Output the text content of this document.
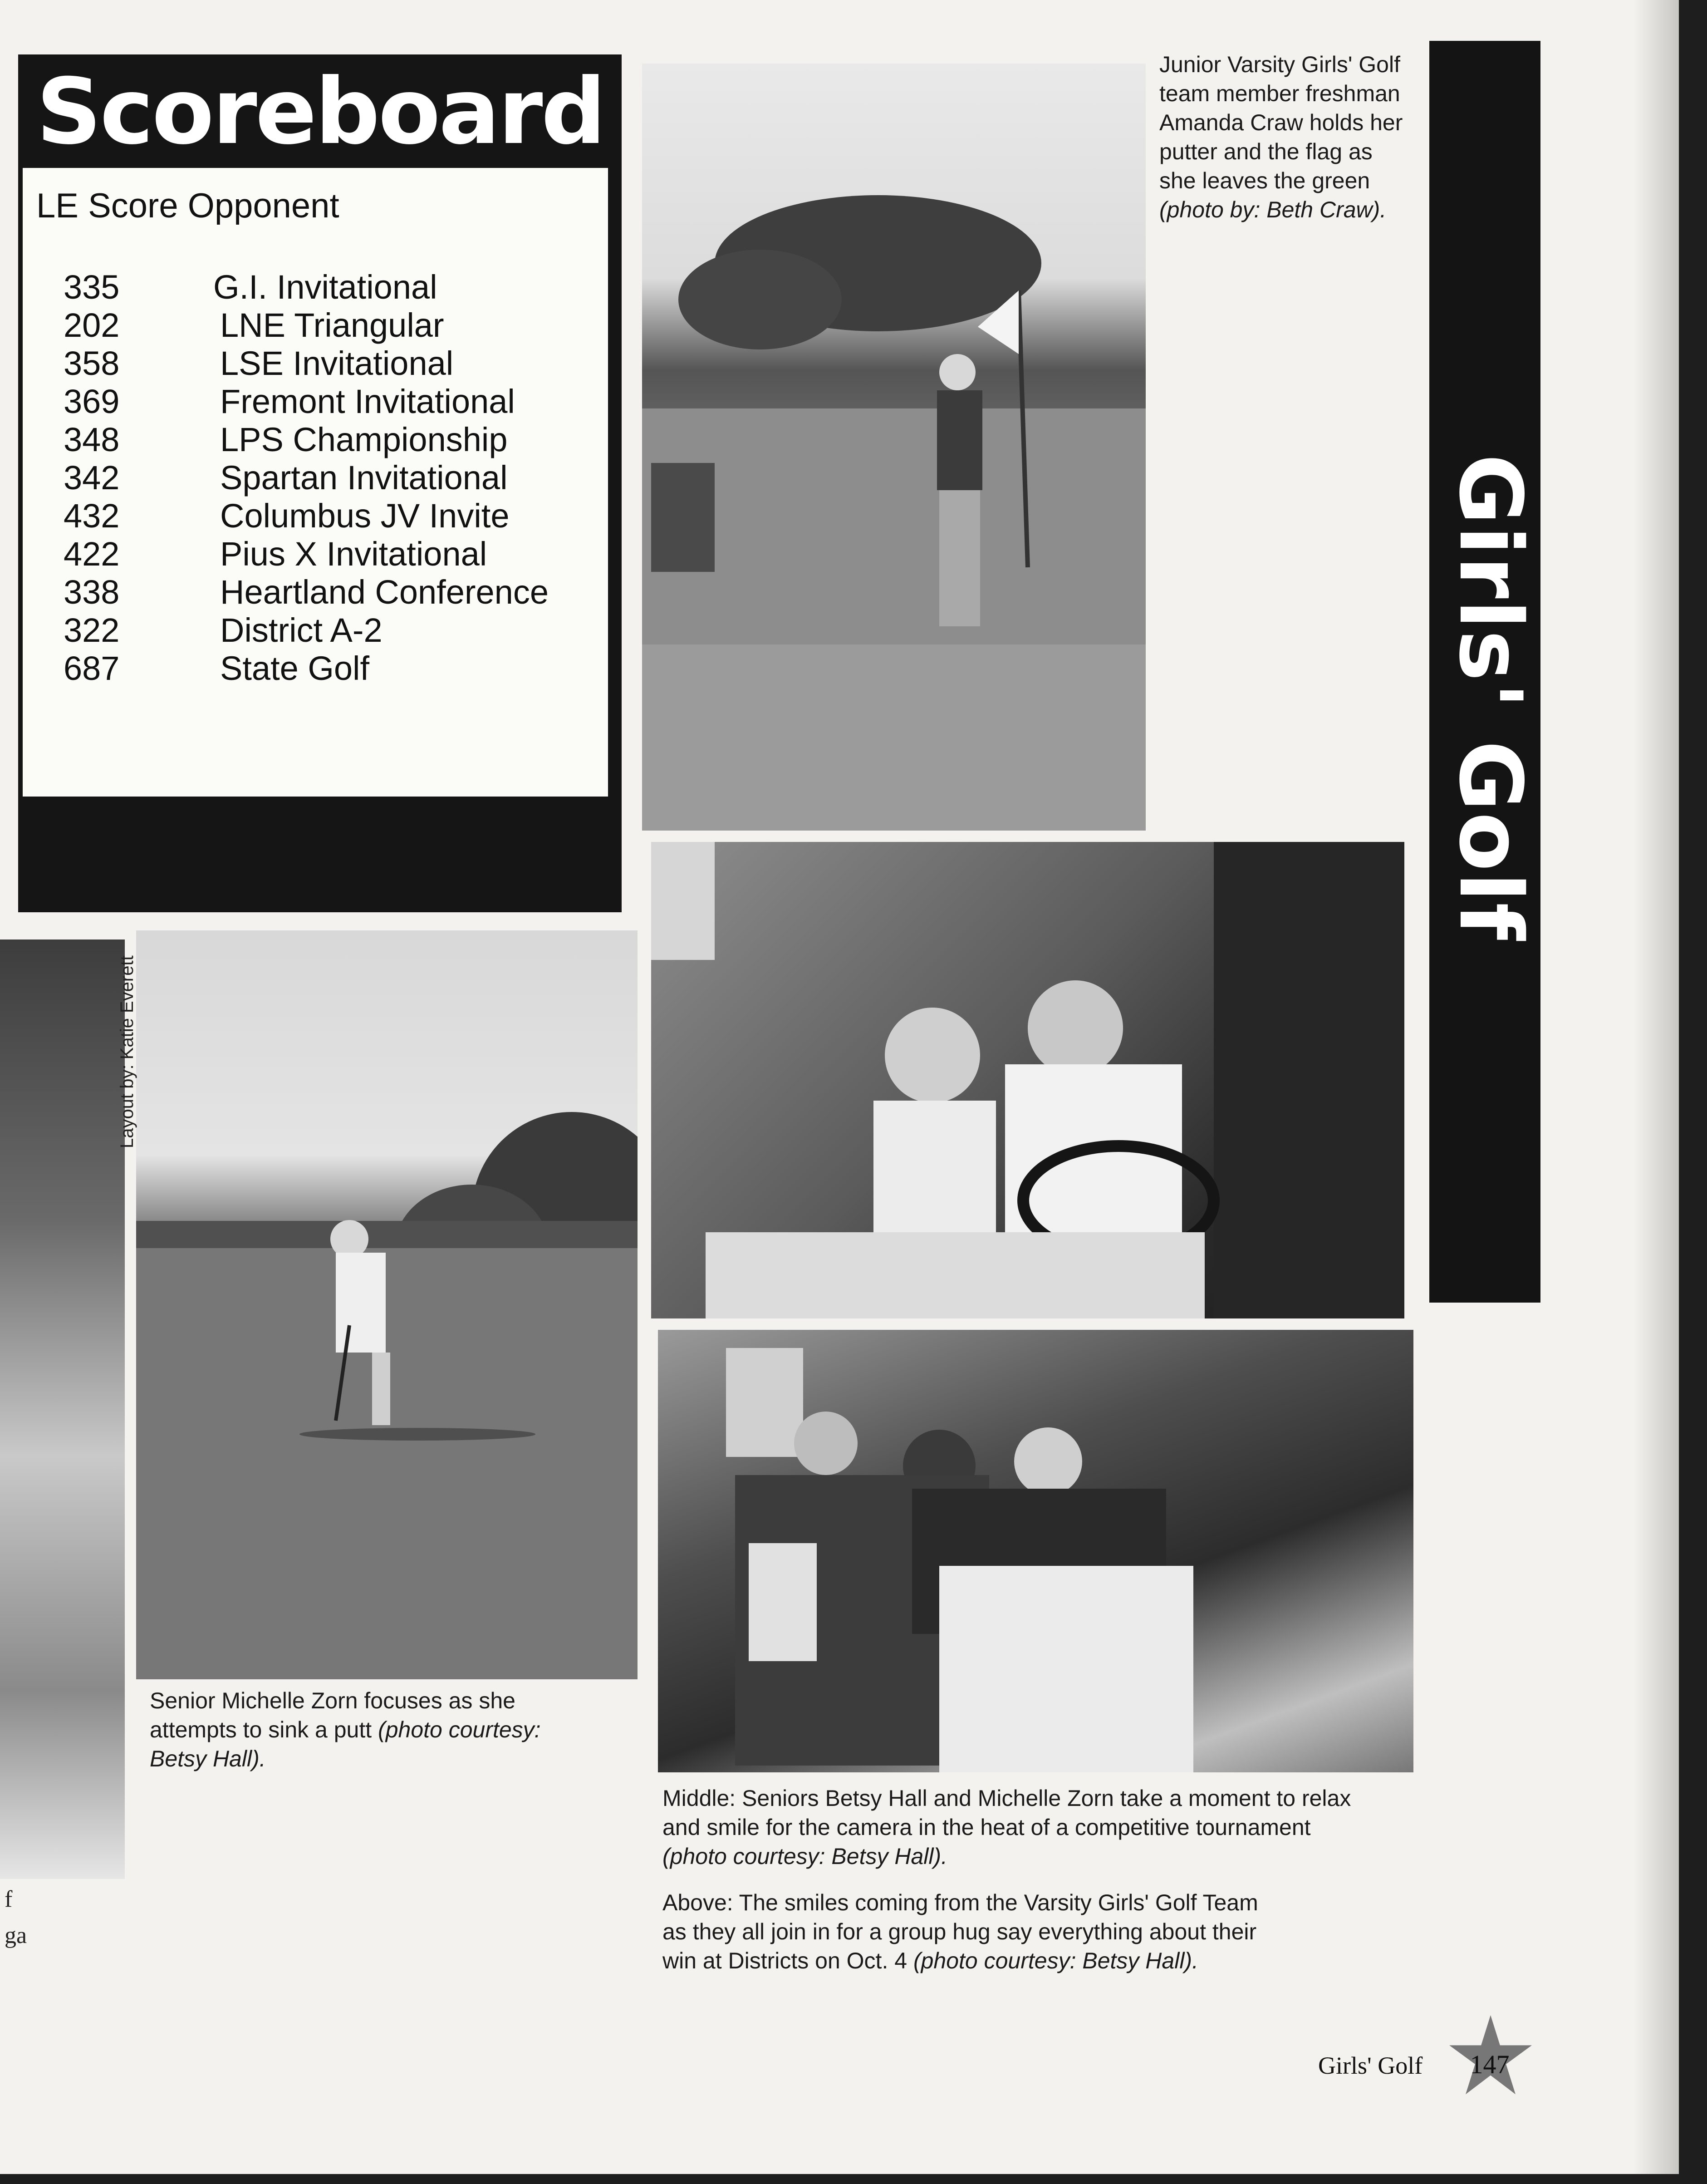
f
ga
Scoreboard
LE Score Opponent
335	G.I. Invitational
202	LNE Triangular
358	LSE Invitational
369	Fremont Invitational
348	LPS Championship
342	Spartan Invitational
432	Columbus JV Invite
422	Pius X Invitational
338	Heartland Conference
322	District A-2
687	State Golf
Junior Varsity Girls' Golf team member freshman Amanda Craw holds her putter and the flag as she leaves the green (photo by: Beth Craw).
Girls' Golf
Layout by: Katie Everett
Senior Michelle Zorn focuses as she attempts to sink a putt (photo courtesy: Betsy Hall).
Middle: Seniors Betsy Hall and Michelle Zorn take a moment to relax and smile for the camera in the heat of a competitive tournament (photo courtesy: Betsy Hall).
Above: The smiles coming from the Varsity Girls' Golf Team as they all join in for a group hug say everything about their win at Districts on Oct. 4 (photo courtesy: Betsy Hall).
Girls' Golf 147
